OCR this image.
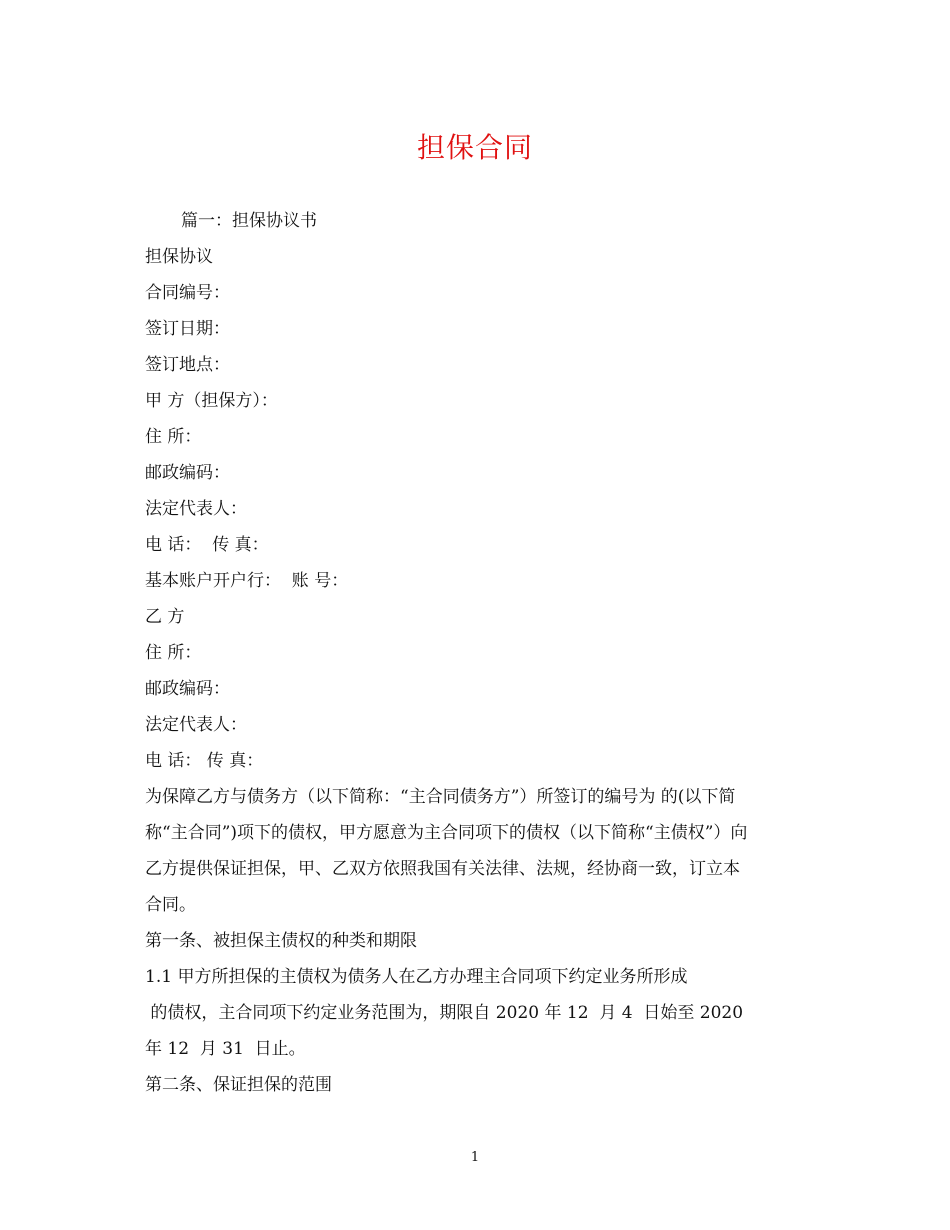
担保合同
篇一：担保协议书
担保协议
合同编号：
签订日期：
签订地点：
甲 方（担保方）：
住 所：
邮政编码：
法定代表人：
电 话：  传 真：
基本账户开户行：  账 号：
乙 方
住 所：
邮政编码：
法定代表人：
电 话： 传 真：
为保障乙方与债务方（以下简称：“主合同债务方”）所签订的编号为 的(以下简
称“主合同”)项下的债权，甲方愿意为主合同项下的债权（以下简称“主债权”）向
乙方提供保证担保，甲、乙双方依照我国有关法律、法规，经协商一致，订立本
合同。
第一条、被担保主债权的种类和期限
1.1 甲方所担保的主债权为债务人在乙方办理主合同项下约定业务所形成
的债权，主合同项下约定业务范围为，期限自 2020 年 12  月 4  日始至 2020
年 12  月 31  日止。
第二条、保证担保的范围
1
